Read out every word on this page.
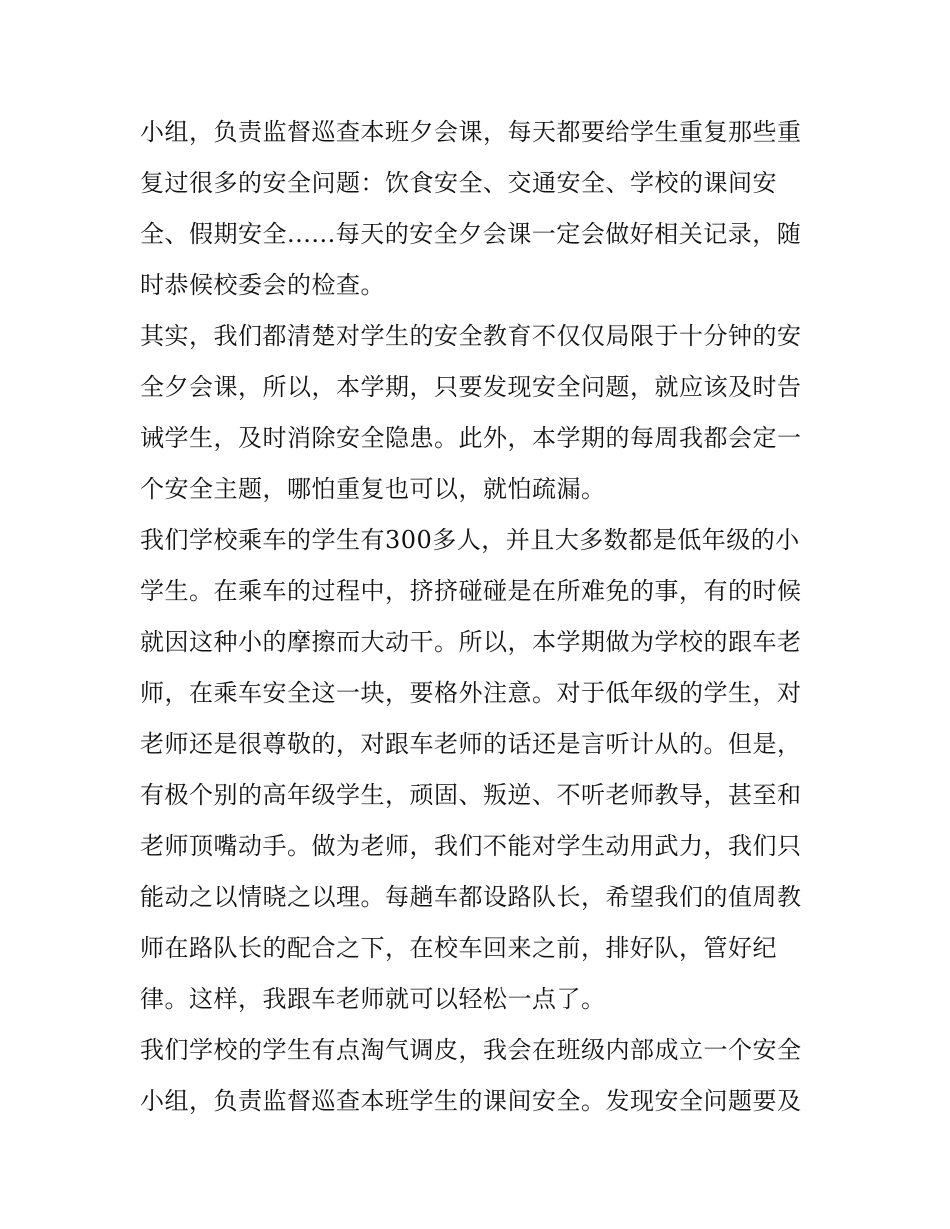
小组，负责监督巡查本班夕会课，每天都要给学生重复那些重
复过很多的安全问题：饮食安全、交通安全、学校的课间安
全、假期安全......每天的安全夕会课一定会做好相关记录，随
时恭候校委会的检查。
其实，我们都清楚对学生的安全教育不仅仅局限于十分钟的安
全夕会课，所以，本学期，只要发现安全问题，就应该及时告
诫学生，及时消除安全隐患。此外，本学期的每周我都会定一
个安全主题，哪怕重复也可以，就怕疏漏。
我们学校乘车的学生有300多人，并且大多数都是低年级的小
学生。在乘车的过程中，挤挤碰碰是在所难免的事，有的时候
就因这种小的摩擦而大动干。所以，本学期做为学校的跟车老
师，在乘车安全这一块，要格外注意。对于低年级的学生，对
老师还是很尊敬的，对跟车老师的话还是言听计从的。但是，
有极个别的高年级学生，顽固、叛逆、不听老师教导，甚至和
老师顶嘴动手。做为老师，我们不能对学生动用武力，我们只
能动之以情晓之以理。每趟车都设路队长，希望我们的值周教
师在路队长的配合之下，在校车回来之前，排好队，管好纪
律。这样，我跟车老师就可以轻松一点了。
我们学校的学生有点淘气调皮，我会在班级内部成立一个安全
小组，负责监督巡查本班学生的课间安全。发现安全问题要及
